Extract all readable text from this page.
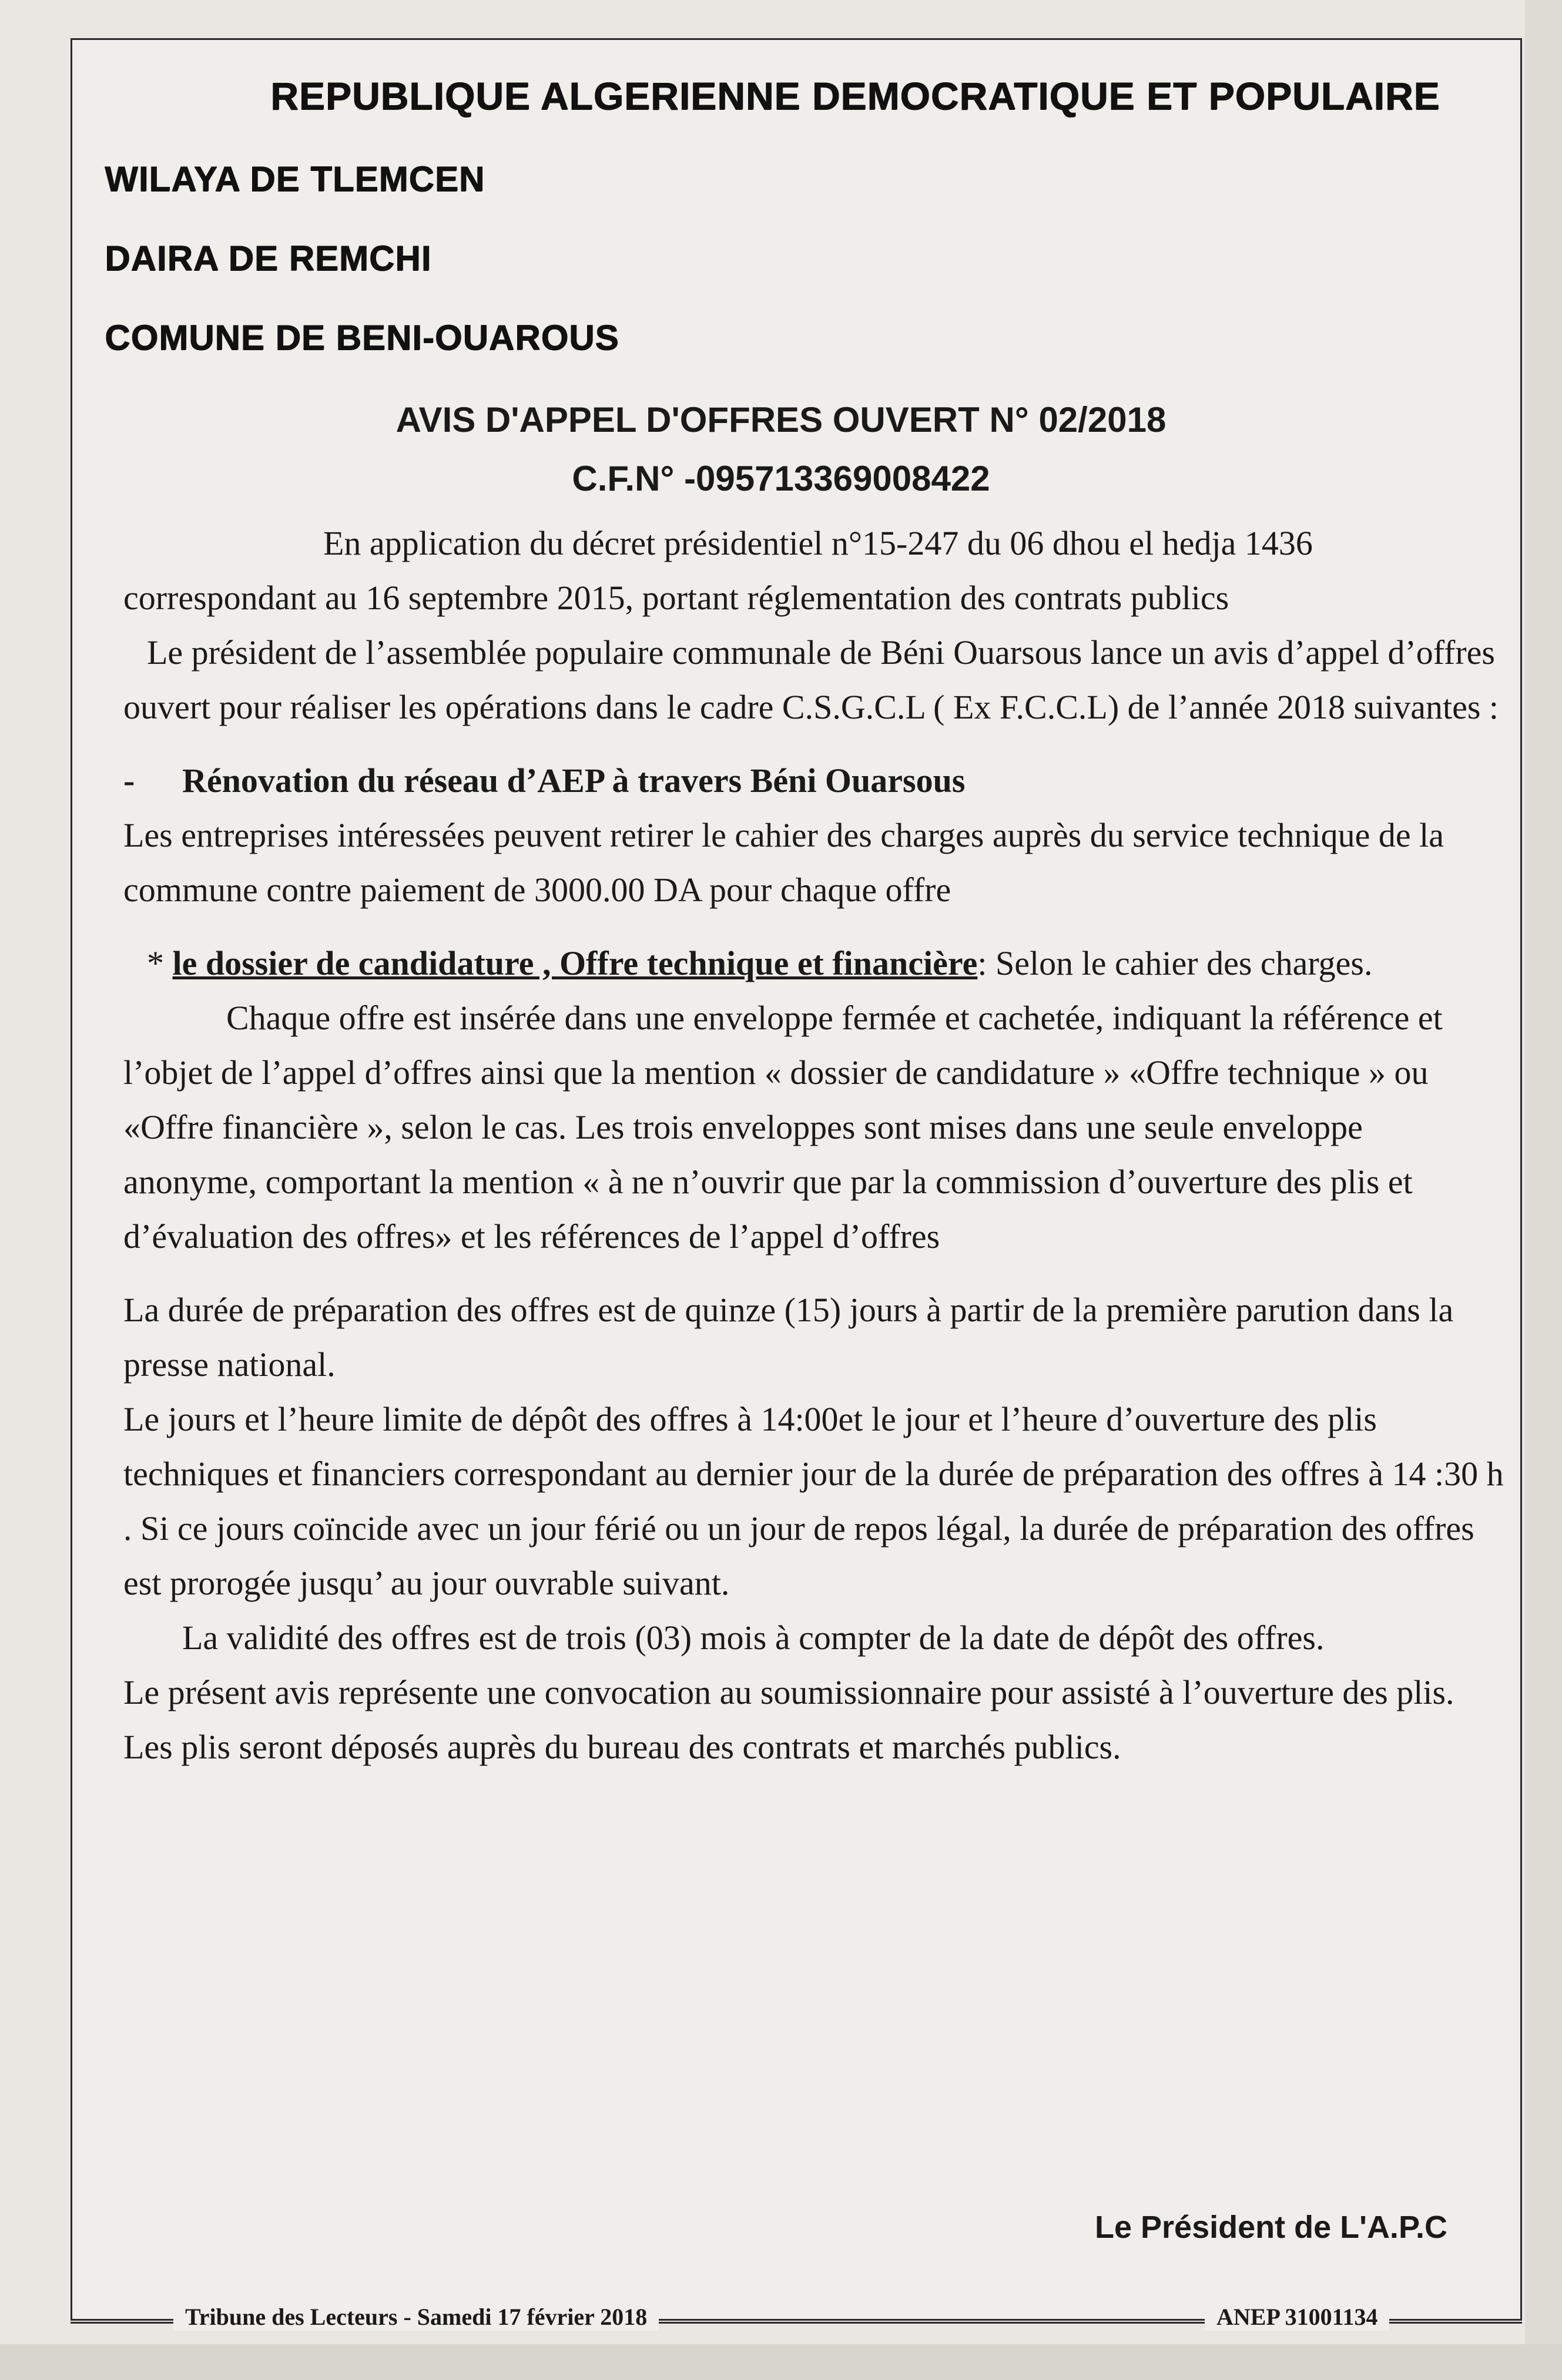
REPUBLIQUE ALGERIENNE DEMOCRATIQUE ET POPULAIRE
WILAYA DE TLEMCEN
DAIRA DE REMCHI
COMUNE DE BENI-OUAROUS
AVIS D'APPEL D'OFFRES OUVERT N° 02/2018
C.F.N° -095713369008422

En application du décret présidentiel n°15-247 du 06 dhou el hedja 1436 correspondant au 16 septembre 2015, portant réglementation des contrats publics

Le président de l’assemblée populaire communale de Béni Ouarsous lance un avis d’appel d’offres ouvert pour réaliser les opérations dans le cadre C.S.G.C.L ( Ex F.C.C.L) de l’année 2018 suivantes :

- Rénovation du réseau d’AEP à travers Béni Ouarsous

Les entreprises intéressées peuvent retirer le cahier des charges auprès du service technique de la commune contre paiement de 3000.00 DA pour chaque offre

* le dossier de candidature , Offre technique et financière: Selon le cahier des charges.

Chaque offre est insérée dans une enveloppe fermée et cachetée, indiquant la référence et l’objet de l’appel d’offres ainsi que la mention « dossier de candidature » «Offre technique » ou «Offre financière », selon le cas. Les trois enveloppes sont mises dans une seule enveloppe anonyme, comportant la mention « à ne n’ouvrir que par la commission d’ouverture des plis et d’évaluation des offres» et les références de l’appel d’offres

La durée de préparation des offres est de quinze (15) jours à partir de la première parution dans la presse national.

Le jours et l’heure limite de dépôt des offres à 14:00et le jour et l’heure d’ouverture des plis techniques et financiers correspondant au dernier jour de la durée de préparation des offres à 14 :30 h . Si ce jours coïncide avec un jour férié ou un jour de repos légal, la durée de préparation des offres est prorogée jusqu’ au jour ouvrable suivant.

La validité des offres est de trois (03) mois à compter de la date de dépôt des offres.

Le présent avis représente une convocation au soumissionnaire pour assisté à l’ouverture des plis.

Les plis seront déposés auprès du bureau des contrats et marchés publics.

Le Président de L'A.P.C
Tribune des Lecteurs - Samedi 17 février 2018	ANEP 31001134
